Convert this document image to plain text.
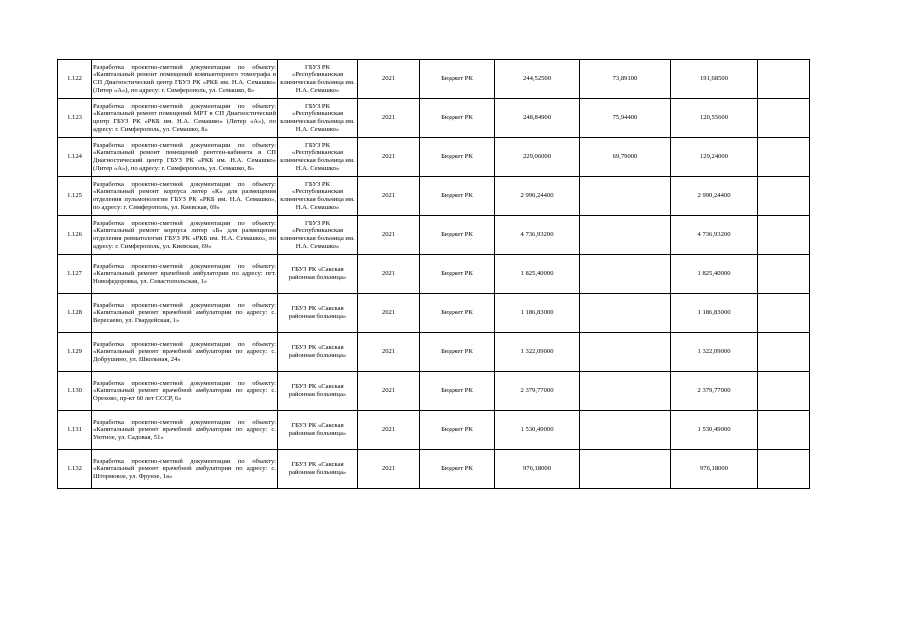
1.122	Разработка проектно-сметной документации по объекту: «Капитальный ремонт помещений компьютерного томографа в СП Диагностический центр ГБУЗ РК «РКБ им. Н.А. Семашко» (Литер «А»), по адресу: г. Симферополь, ул. Семашко, 8»	ГБУЗ РК «Республиканская клиническая больница им. Н.А. Семашко»	2021	Бюджет РК	244,52500	73,89100	191,68500	
1.123	Разработка проектно-сметной документации по объекту: «Капитальный ремонт помещений МРТ в СП Диагностический центр ГБУЗ РК «РКБ им. Н.А. Семашко» (Литер «А»), по адресу: г. Симферополь, ул. Семашко, 8»	ГБУЗ РК «Республиканская клиническая больница им. Н.А. Семашко»	2021	Бюджет РК	248,84900	75,94400	120,55600	
1.124	Разработка проектно-сметной документации по объекту: «Капитальный ремонт помещений рентген-кабинета в СП Диагностический центр ГБУЗ РК «РКБ им. Н.А. Семашко» (Литер «А»), по адресу: г. Симферополь, ул. Семашко, 8»	ГБУЗ РК «Республиканская клиническая больница им. Н.А. Семашко»	2021	Бюджет РК	229,06000	69,79000	129,24000	
1.125	Разработка проектно-сметной документации по объекту: «Капитальный ремонт корпуса литер «К» для размещения отделения пульмонологии ГБУЗ РК «РКБ им. Н.А. Семашко», по адресу: г. Симферополь, ул. Киевская, 69»	ГБУЗ РК «Республиканская клиническая больница им. Н.А. Семашко»	2021	Бюджет РК	2 990,24400		2 990,24400	
1.126	Разработка проектно-сметной документации по объекту: «Капитальный ремонт корпуса литер «Б» для размещения отделения ревматологии ГБУЗ РК «РКБ им. Н.А. Семашко», по адресу: г. Симферополь, ул. Киевская, 69»	ГБУЗ РК «Республиканская клиническая больница им. Н.А. Семашко»	2021	Бюджет РК	4 736,93200		4 736,93200	
1.127	Разработка проектно-сметной документации по объекту: «Капитальный ремонт врачебной амбулатории по адресу: пгт. Новофедоровка, ул. Севастопольская, 1»	ГБУЗ РК «Сакская районная больница»	2021	Бюджет РК	1 825,40000		1 825,40000	
1.128	Разработка проектно-сметной документации по объекту: «Капитальный ремонт врачебной амбулатории по адресу: с. Вересаево, ул. Гвардейская, 1»	ГБУЗ РК «Сакская районная больница»	2021	Бюджет РК	1 186,83000		1 186,83000	
1.129	Разработка проектно-сметной документации по объекту: «Капитальный ремонт врачебной амбулатории по адресу: с. Добрушино, ул. Школьная, 24»	ГБУЗ РК «Сакская районная больница»	2021	Бюджет РК	1 322,09000		1 322,09000	
1.130	Разработка проектно-сметной документации по объекту: «Капитальный ремонт врачебной амбулатории по адресу: с. Орехово, пр-кт 60 лет СССР, 6»	ГБУЗ РК «Сакская районная больница»	2021	Бюджет РК	2 379,77000		2 379,77000	
1.131	Разработка проектно-сметной документации по объекту: «Капитальный ремонт врачебной амбулатории по адресу: с. Уютное, ул. Садовая, 51»	ГБУЗ РК «Сакская районная больница»	2021	Бюджет РК	1 530,49000		1 530,49000	
1.132	Разработка проектно-сметной документации по объекту: «Капитальный ремонт врачебной амбулатории по адресу: с. Штормовое, ул. Фрунзе, 1а»	ГБУЗ РК «Сакская районная больница»	2021	Бюджет РК	976,18000		976,18000	
